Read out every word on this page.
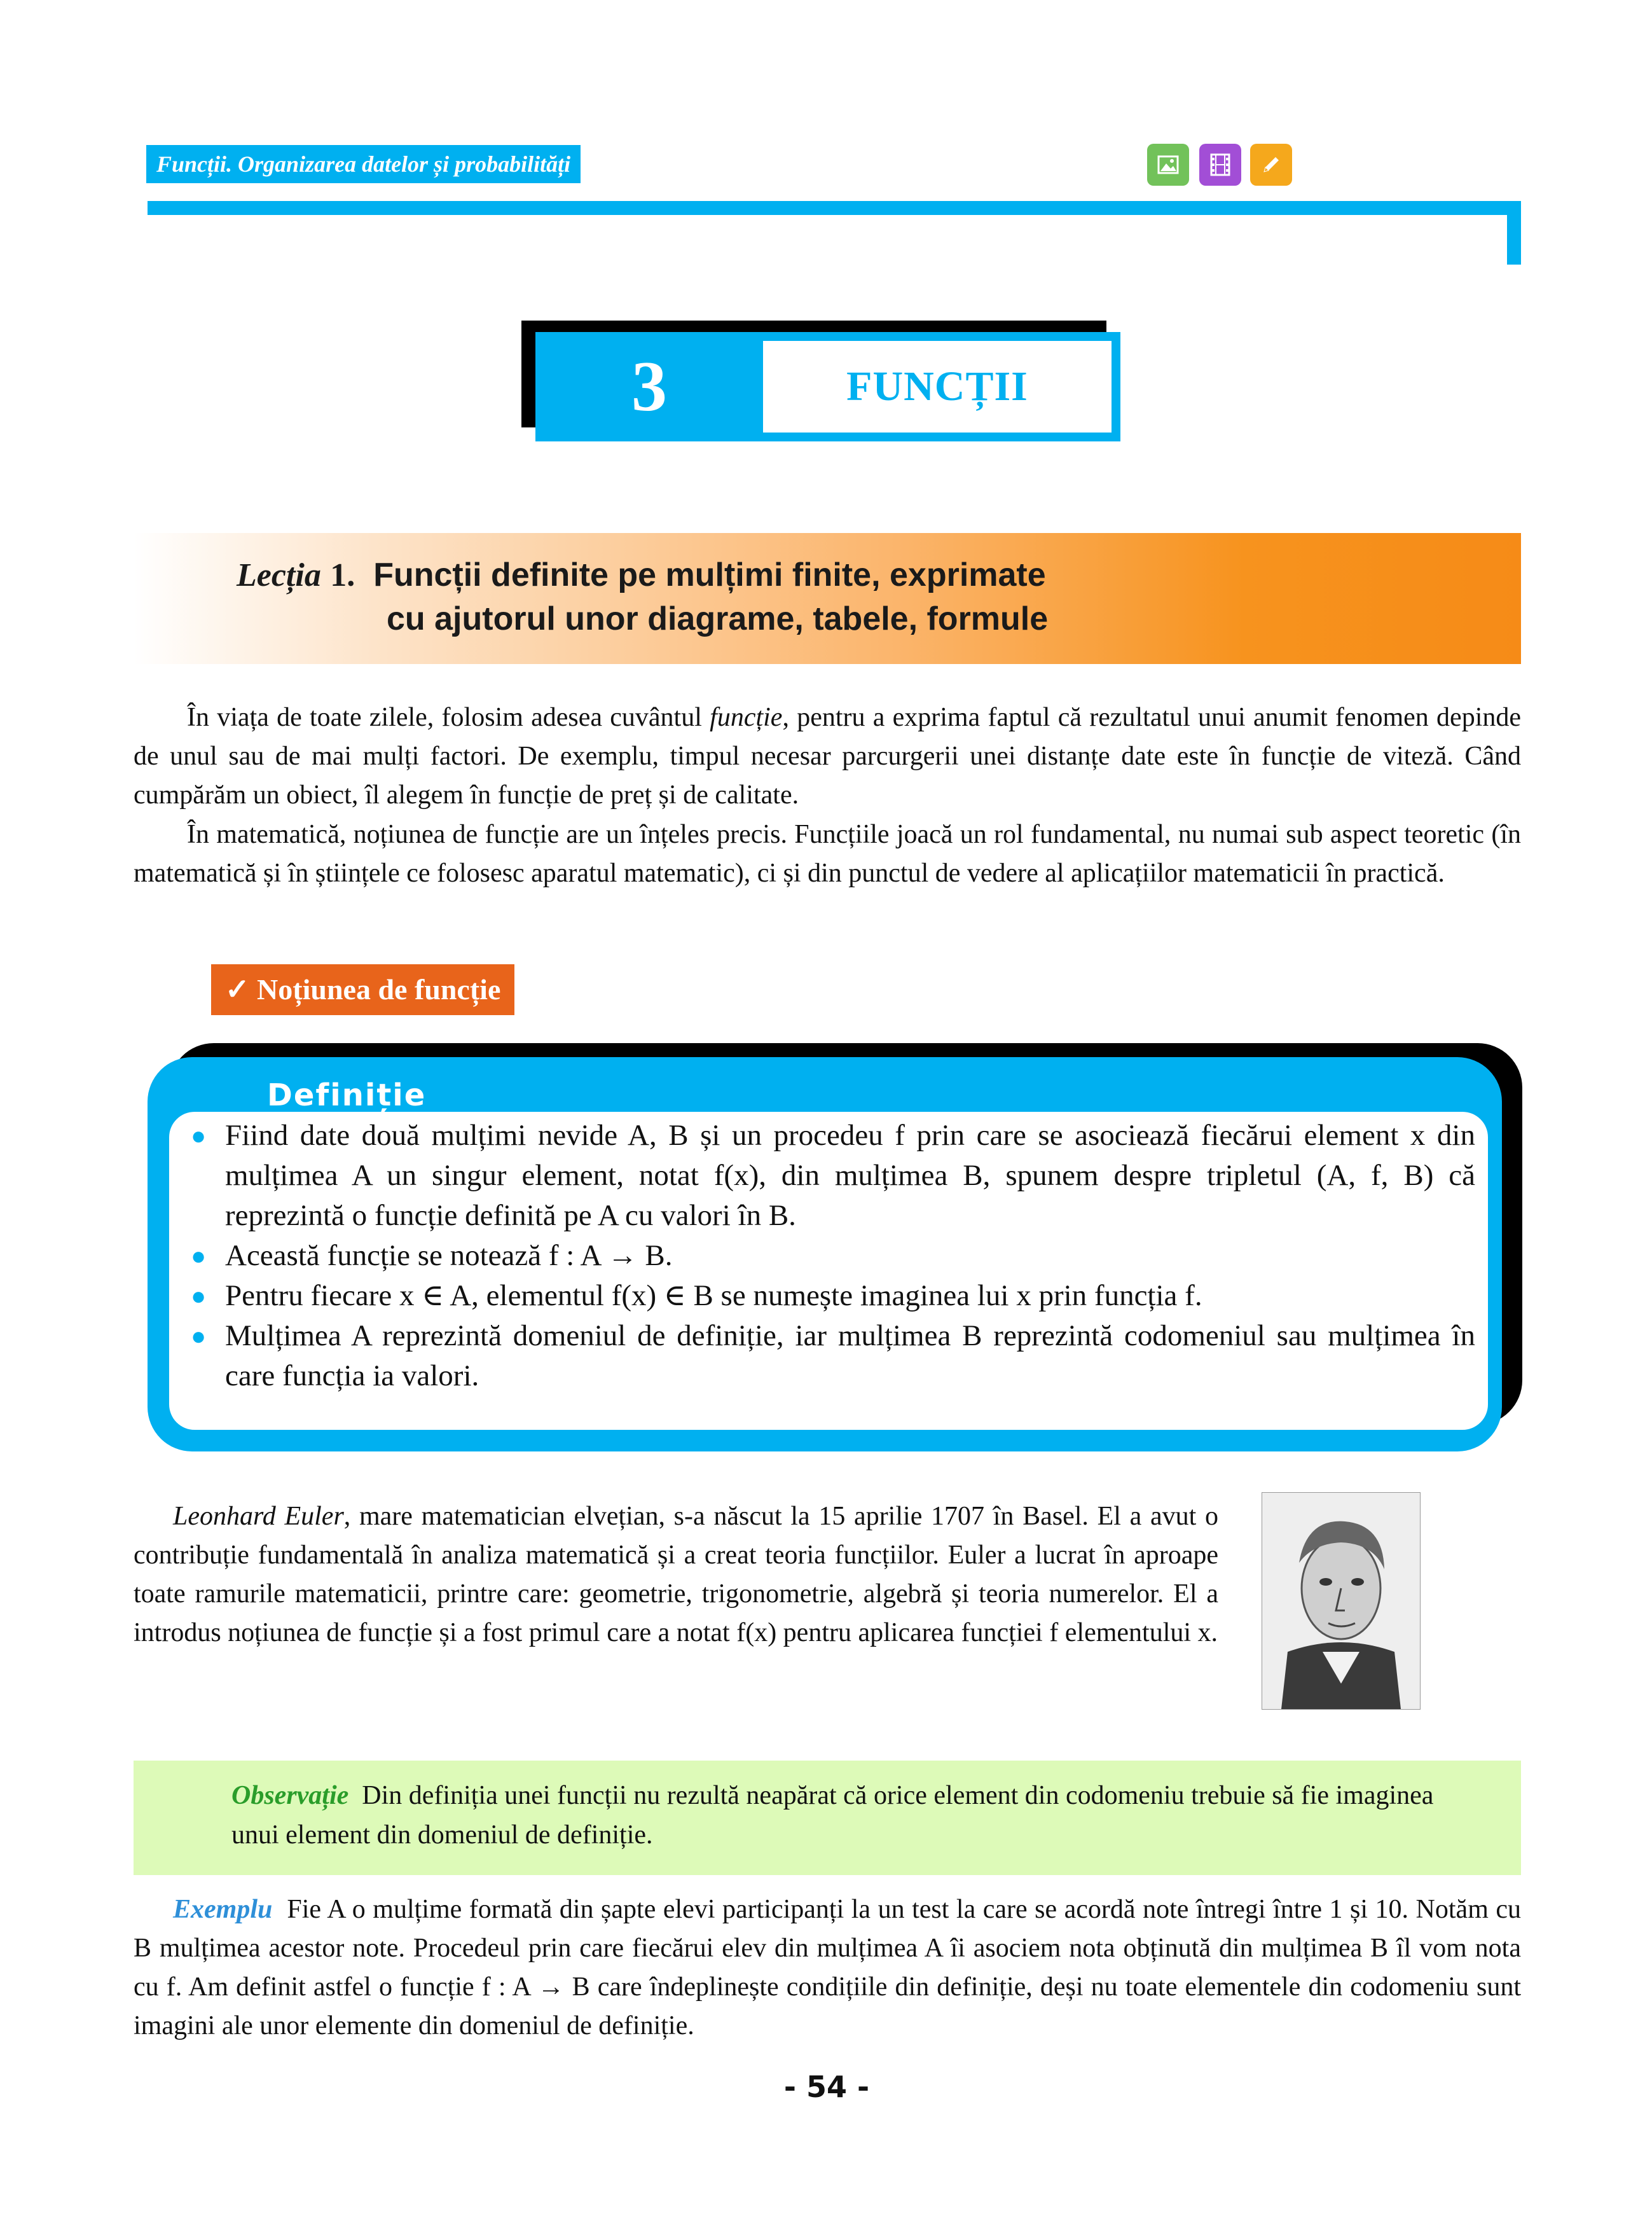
Funcții. Organizarea datelor și probabilități
3	FUNCȚII
Lecția 1. Funcții definite pe mulțimi finite, exprimate
cu ajutorul unor diagrame, tabele, formule
În viața de toate zilele, folosim adesea cuvântul funcție, pentru a exprima faptul că rezultatul unui anumit fenomen depinde de unul sau de mai mulți factori. De exemplu, timpul necesar parcurgerii unei distanțe date este în funcție de viteză. Când cumpărăm un obiect, îl alegem în funcție de preț și de calitate.
În matematică, noțiunea de funcție are un înțeles precis. Funcțiile joacă un rol fundamental, nu numai sub aspect teoretic (în matematică și în științele ce folosesc aparatul matematic), ci și din punctul de vedere al aplicațiilor matematicii în practică.
✓ Noțiunea de funcție
Definiție
● Fiind date două mulțimi nevide A, B și un procedeu f prin care se asociează fiecărui element x din mulțimea A un singur element, notat f(x), din mulțimea B, spunem despre tripletul (A, f, B) că reprezintă o funcție definită pe A cu valori în B.
● Această funcție se notează f : A → B.
● Pentru fiecare x ∈ A, elementul f(x) ∈ B se numește imaginea lui x prin funcția f.
● Mulțimea A reprezintă domeniul de definiție, iar mulțimea B reprezintă codomeniul sau mulțimea în care funcția ia valori.
Leonhard Euler, mare matematician elvețian, s-a născut la 15 aprilie 1707 în Basel. El a avut o contribuție fundamentală în analiza matematică și a creat teoria funcțiilor. Euler a lucrat în aproape toate ramurile matematicii, printre care: geometrie, trigonometrie, algebră și teoria numerelor. El a introdus noțiunea de funcție și a fost primul care a notat f(x) pentru aplicarea funcției f elementului x.
Observație Din definiția unei funcții nu rezultă neapărat că orice element din codomeniu trebuie să fie imaginea unui element din domeniul de definiție.
Exemplu Fie A o mulțime formată din șapte elevi participanți la un test la care se acordă note întregi între 1 și 10. Notăm cu B mulțimea acestor note. Procedeul prin care fiecărui elev din mulțimea A îi asociem nota obținută din mulțimea B îl vom nota cu f. Am definit astfel o funcție f : A → B care îndeplinește condițiile din definiție, deși nu toate elementele din codomeniu sunt imagini ale unor elemente din domeniul de definiție.
- 54 -
